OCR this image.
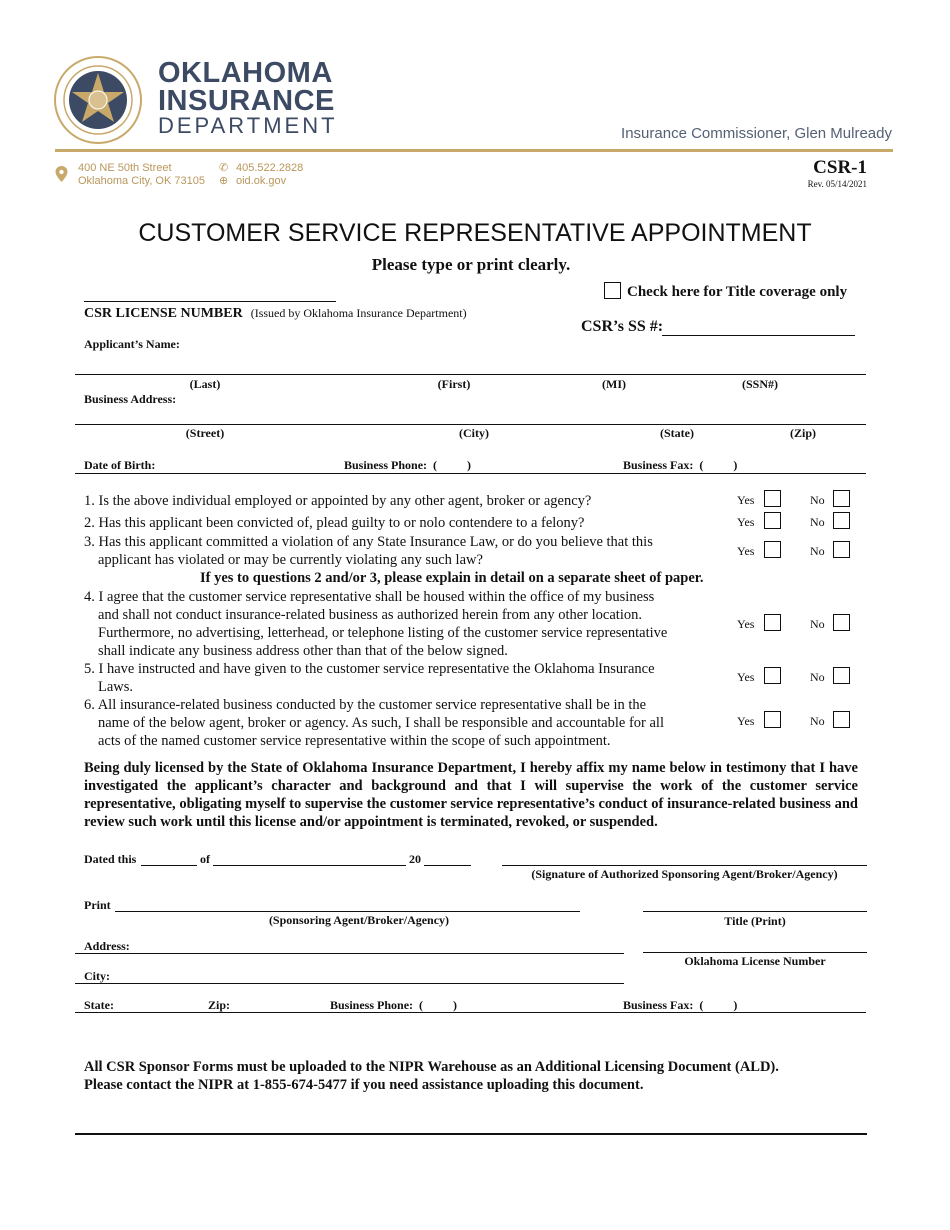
OKLAHOMA
INSURANCE
DEPARTMENT	Insurance Commissioner, Glen Mulready
400 NE 50th Street
Oklahoma City, OK 73105
✆ 405.522.2828
⊕ oid.ok.gov
CSR-1
Rev. 05/14/2021
CUSTOMER SERVICE REPRESENTATIVE APPOINTMENT
Please type or print clearly.
Check here for Title coverage only
CSR LICENSE NUMBER (Issued by Oklahoma Insurance Department)
CSR’s SS #:
Applicant’s Name:
(Last)	(First)	(MI)	(SSN#)
Business Address:
(Street)	(City)	(State)	(Zip)
Date of Birth:	Business Phone:  (          )	Business Fax:  (          )
1. Is the above individual employed or appointed by any other agent, broker or agency?	Yes	No
2. Has this applicant been convicted of, plead guilty to or nolo contendere to a felony?	Yes	No
3. Has this applicant committed a violation of any State Insurance Law, or do you believe that this
applicant has violated or may be currently violating any such law?
Yes	No
If yes to questions 2 and/or 3, please explain in detail on a separate sheet of paper.
4. I agree that the customer service representative shall be housed within the office of my business
and shall not conduct insurance-related business as authorized herein from any other location.
Furthermore, no advertising, letterhead, or telephone listing of the customer service representative
shall indicate any business address other than that of the below signed.
Yes	No
5. I have instructed and have given to the customer service representative the Oklahoma Insurance
Laws.
Yes	No
6. All insurance-related business conducted by the customer service representative shall be in the
name of the below agent, broker or agency. As such, I shall be responsible and accountable for all
acts of the named customer service representative within the scope of such appointment.
Yes	No
Being duly licensed by the State of Oklahoma Insurance Department, I hereby affix my name below in testimony that I have investigated the applicant’s character and background and that I will supervise the work of the customer service representative, obligating myself to supervise the customer service representative’s conduct of insurance-related business and review such work until this license and/or appointment is terminated, revoked, or suspended.
Dated this	of	20
(Signature of Authorized Sponsoring Agent/Broker/Agency)
Print
(Sponsoring Agent/Broker/Agency)	Title (Print)
Address:
Oklahoma License Number
City:
State:	Zip:	Business Phone:  (          )	Business Fax:  (          )
All CSR Sponsor Forms must be uploaded to the NIPR Warehouse as an Additional Licensing Document (ALD).
Please contact the NIPR at 1-855-674-5477 if you need assistance uploading this document.
